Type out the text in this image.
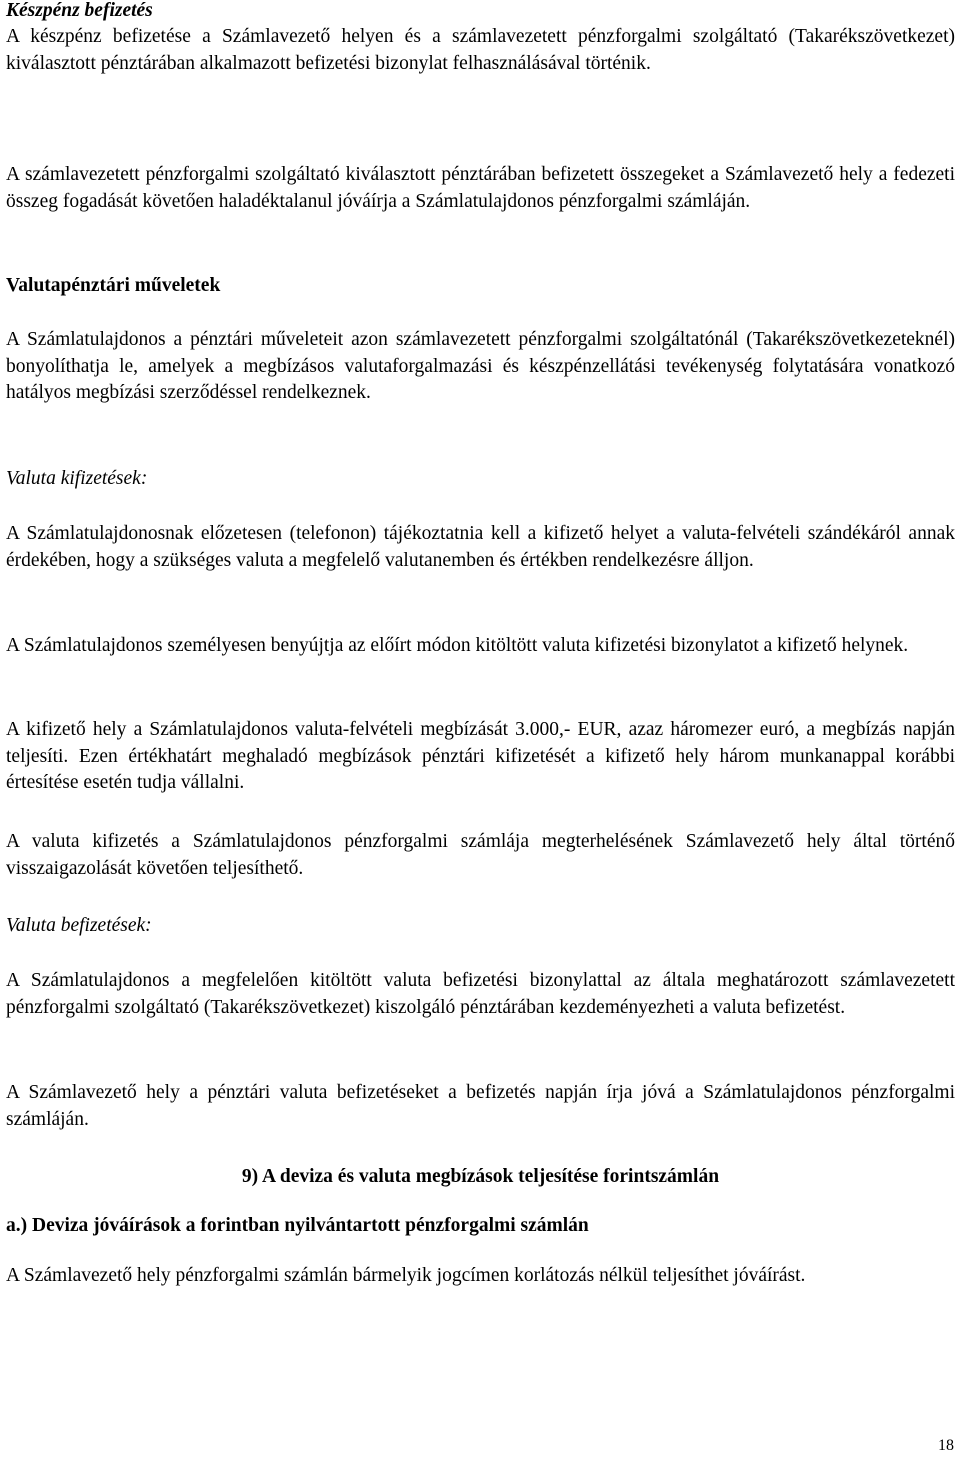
Készpénz befizetés

A készpénz befizetése a Számlavezető helyen és a számlavezetett pénzforgalmi szolgáltató (Takarékszövetkezet) kiválasztott pénztárában alkalmazott befizetési bizonylat felhasználásával történik.

A számlavezetett pénzforgalmi szolgáltató kiválasztott pénztárában befizetett összegeket a Számlavezető hely a fedezeti összeg fogadását követően haladéktalanul jóváírja a Számlatulajdonos pénzforgalmi számláján.

Valutapénztári műveletek

A Számlatulajdonos a pénztári műveleteit azon számlavezetett pénzforgalmi szolgáltatónál (Takarékszövetkezeteknél) bonyolíthatja le, amelyek a megbízásos valutaforgalmazási és készpénzellátási tevékenység folytatására vonatkozó hatályos megbízási szerződéssel rendelkeznek.

Valuta kifizetések:

A Számlatulajdonosnak előzetesen (telefonon) tájékoztatnia kell a kifizető helyet a valuta-felvételi szándékáról annak érdekében, hogy a szükséges valuta a megfelelő valutanemben és értékben rendelkezésre álljon.

A Számlatulajdonos személyesen benyújtja az előírt módon kitöltött valuta kifizetési bizonylatot a kifizető helynek.

A kifizető hely a Számlatulajdonos valuta-felvételi megbízását 3.000,- EUR, azaz háromezer euró, a megbízás napján teljesíti. Ezen értékhatárt meghaladó megbízások pénztári kifizetését a kifizető hely három munkanappal korábbi értesítése esetén tudja vállalni.

A valuta kifizetés a Számlatulajdonos pénzforgalmi számlája megterhelésének Számlavezető hely által történő visszaigazolását követően teljesíthető.

Valuta befizetések:

A Számlatulajdonos a megfelelően kitöltött valuta befizetési bizonylattal az általa meghatározott számlavezetett pénzforgalmi szolgáltató (Takarékszövetkezet) kiszolgáló pénztárában kezdeményezheti a valuta befizetést.

A Számlavezető hely a pénztári valuta befizetéseket a befizetés napján írja jóvá a Számlatulajdonos pénzforgalmi számláján.

9) A deviza és valuta megbízások teljesítése forintszámlán
a.) Deviza jóváírások a forintban nyilvántartott pénzforgalmi számlán

A Számlavezető hely pénzforgalmi számlán bármelyik jogcímen korlátozás nélkül teljesíthet jóváírást.

18
